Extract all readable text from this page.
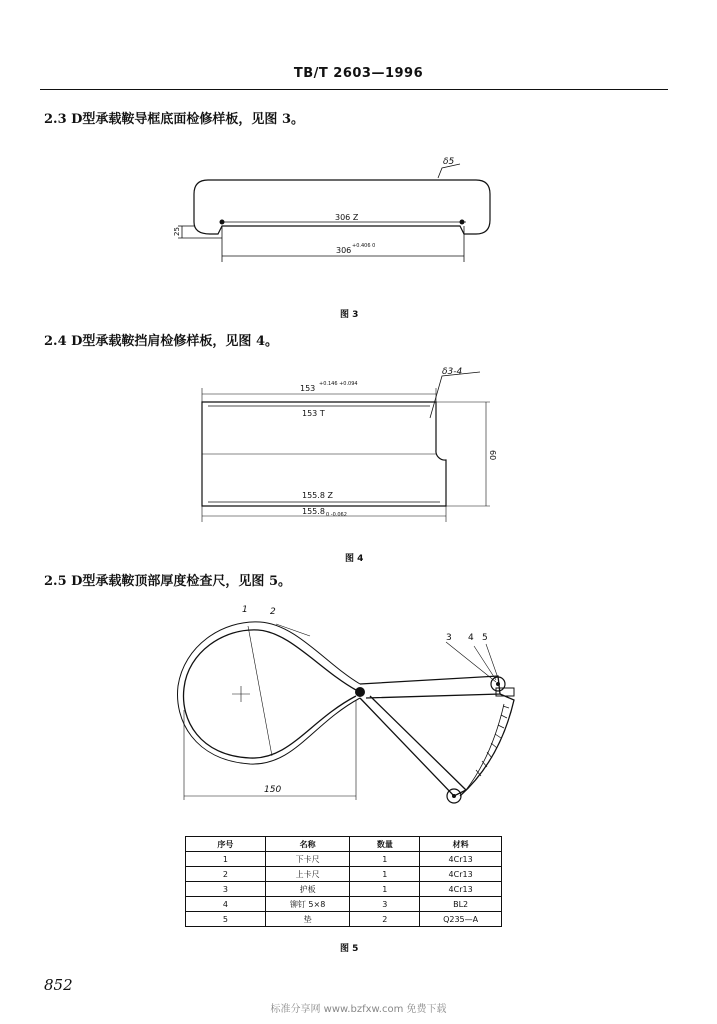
TB/T 2603—1996
2.3 D型承载鞍导框底面检修样板，见图 3。
δ5
306 Z
25
306 +0.406 0
图 3
2.4 D型承载鞍挡肩检修样板，见图 4。
δ3-4
153 +0.146 +0.094
153 T
60
155.8 Z
155.8 0 -0.062
图 4
2.5 D型承载鞍顶部厚度检查尺，见图 5。
1 2
3 4 5
150
序号	名称	数量	材料
1	下卡尺	1	4Cr13
2	上卡尺	1	4Cr13
3	护板	1	4Cr13
4	铆钉 5×8	3	BL2
5	垫	2	Q235—A
图 5
852
标准分享网 www.bzfxw.com 免费下载
